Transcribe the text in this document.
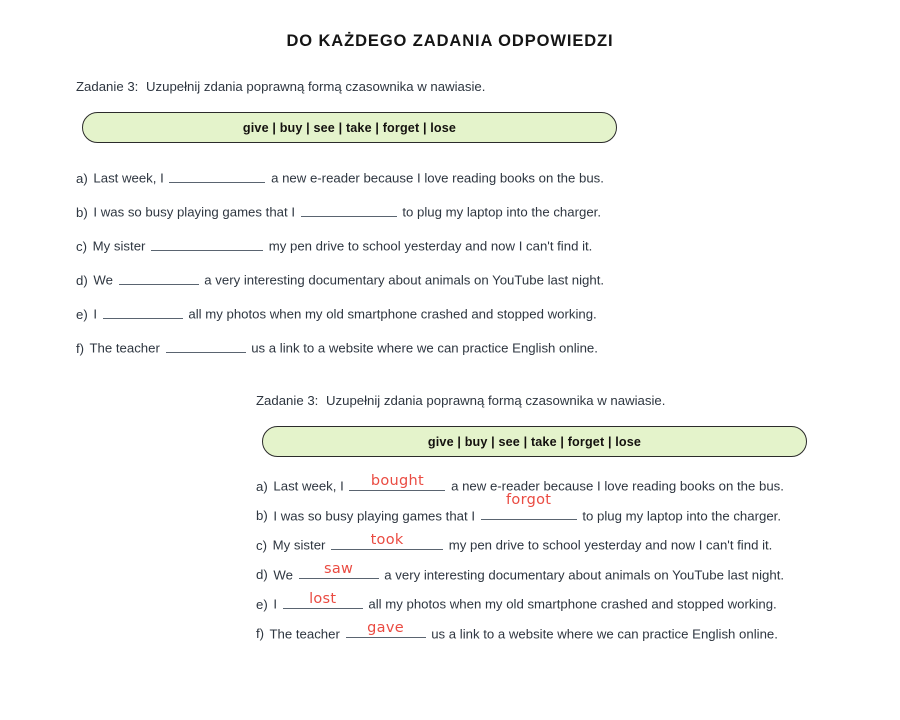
DO KAŻDEGO ZADANIA ODPOWIEDZI
Zadanie 3: Uzupełnij zdania poprawną formą czasownika w nawiasie.
give | buy | see | take | forget | lose
a) Last week, I	a new e-reader because I love reading books on the bus.
b) I was so busy playing games that I	to plug my laptop into the charger.
c) My sister	my pen drive to school yesterday and now I can't find it.
d) We	a very interesting documentary about animals on YouTube last night.
e) I	all my photos when my old smartphone crashed and stopped working.
f) The teacher	us a link to a website where we can practice English online.
Zadanie 3: Uzupełnij zdania poprawną formą czasownika w nawiasie.
give | buy | see | take | forget | lose
a) Last week, I bought a new e-reader because I love reading books on the bus.
b) I was so busy playing games that I
forgot
to plug my laptop into the charger.
c) My sister	took	my pen drive to school yesterday and now I can't find it.
d) We saw a very interesting documentary about animals on YouTube last night.
e) I lost all my photos when my old smartphone crashed and stopped working.
f) The teacher gave us a link to a website where we can practice English online.
